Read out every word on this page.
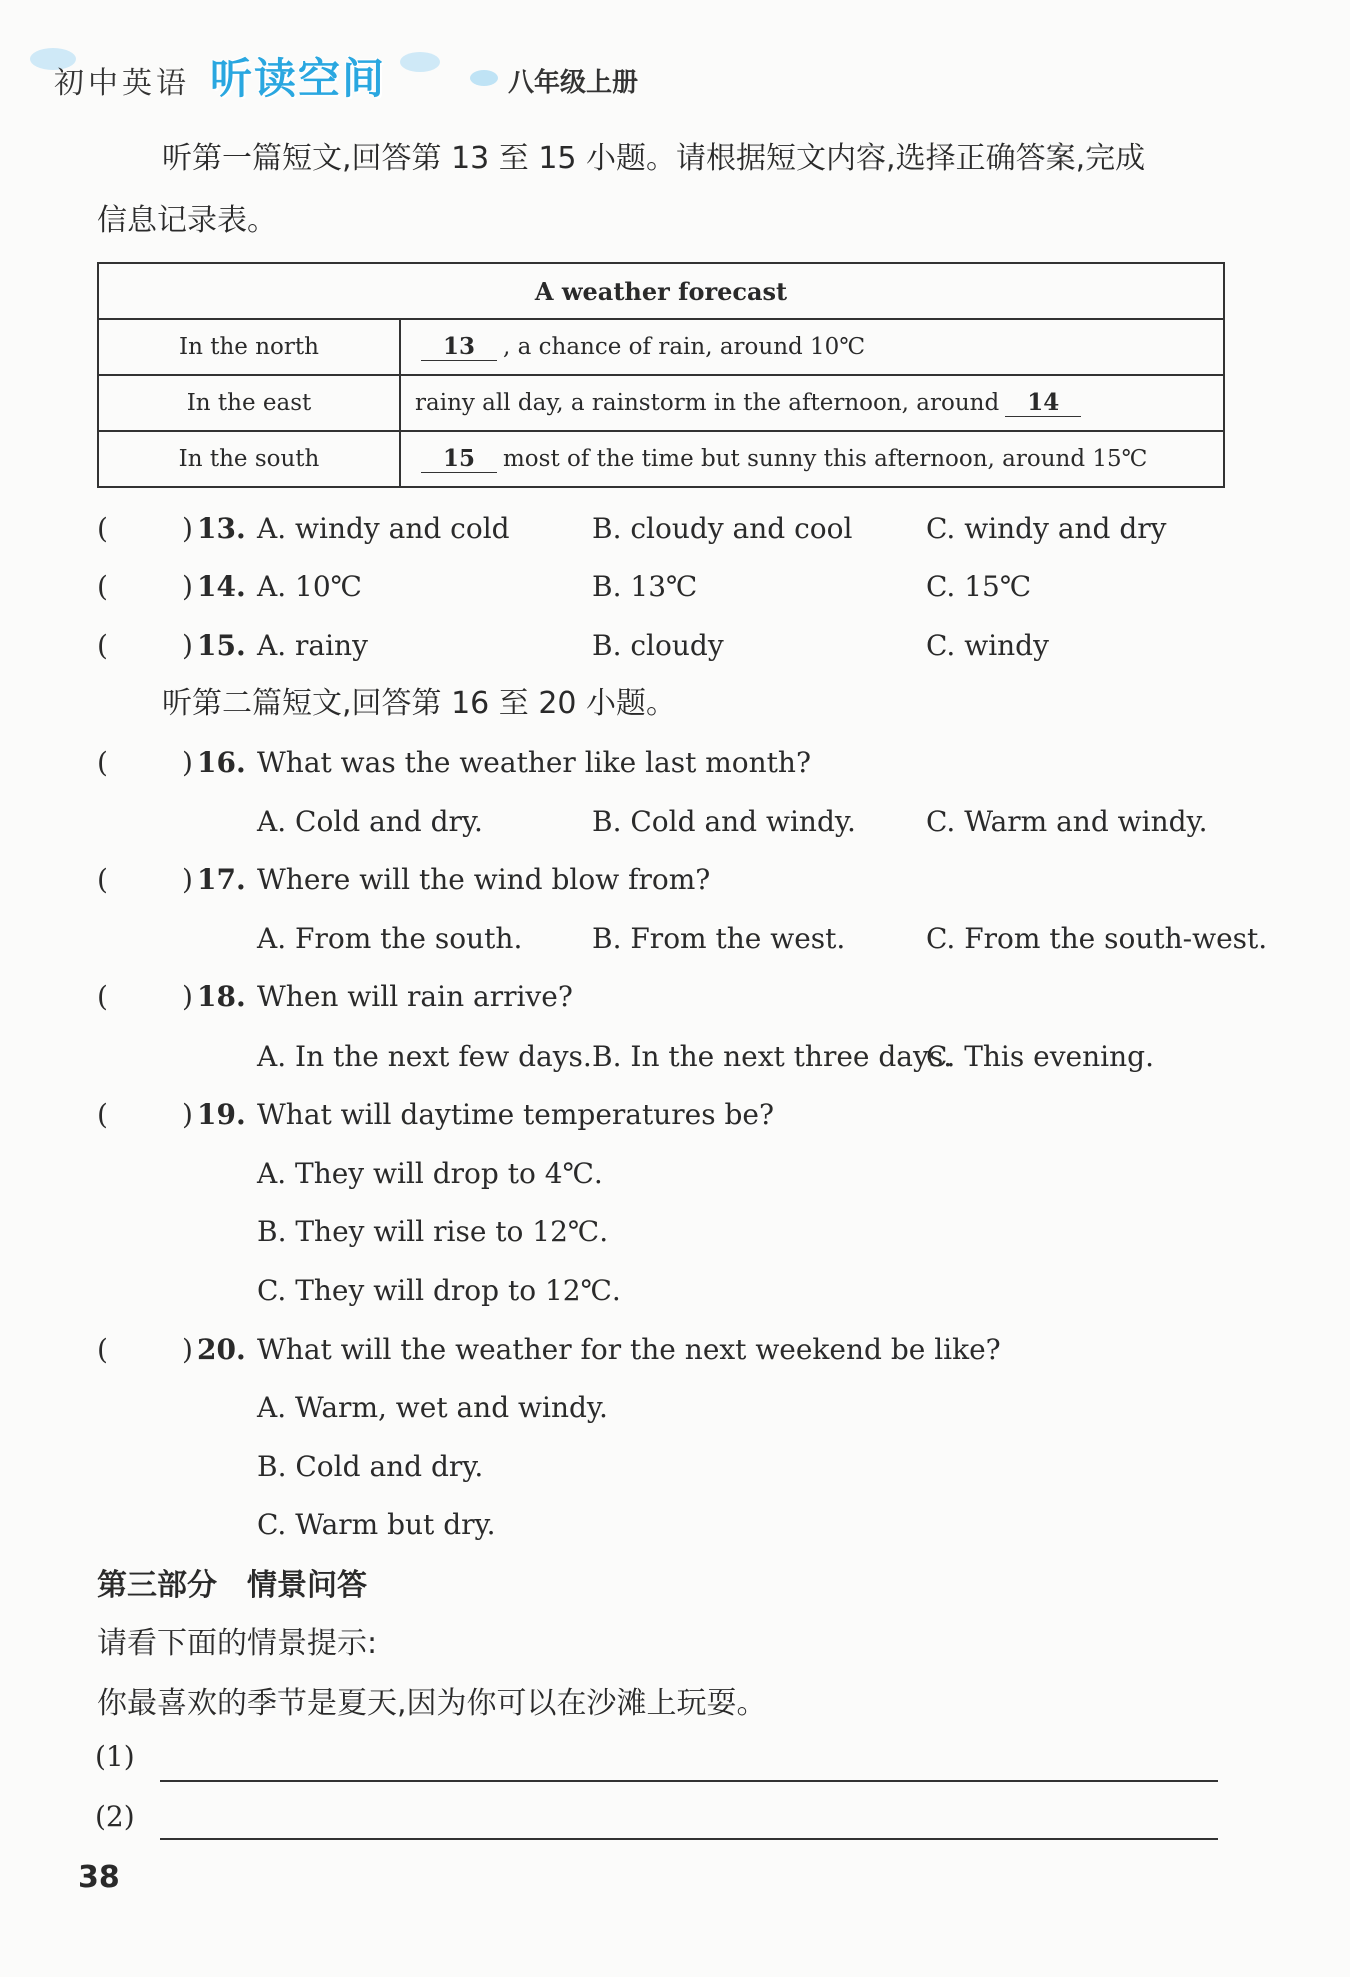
初中英语 听读空间	八年级上册
听第一篇短文,回答第 13 至 15 小题。请根据短文内容,选择正确答案,完成
信息记录表。
A weather forecast	
In the north	13 , a chance of rain, around 10℃
In the east	rainy all day, a rainstorm in the afternoon, around 14
In the south	15 most of the time but sunny this afternoon, around 15℃
(	) 13. A. windy and cold	B. cloudy and cool	C. windy and dry
(	) 14. A. 10℃	B. 13℃	C. 15℃
(	) 15. A. rainy	B. cloudy	C. windy
听第二篇短文,回答第 16 至 20 小题。
(	) 16. What was the weather like last month?
A. Cold and dry.	B. Cold and windy.	C. Warm and windy.
(	) 17. Where will the wind blow from?
A. From the south. B. From the west.	C. From the south-west.
(	) 18. When will rain arrive?
A. In the next few days. B. In the next three days.
C. This evening.
(	) 19. What will daytime temperatures be?
A. They will drop to 4℃.
B. They will rise to 12℃.
C. They will drop to 12℃.
(	) 20. What will the weather for the next weekend be like?
A. Warm, wet and windy.
B. Cold and dry.
C. Warm but dry.
第三部分　情景问答
请看下面的情景提示:
你最喜欢的季节是夏天,因为你可以在沙滩上玩耍。
(1)
(2)
38
